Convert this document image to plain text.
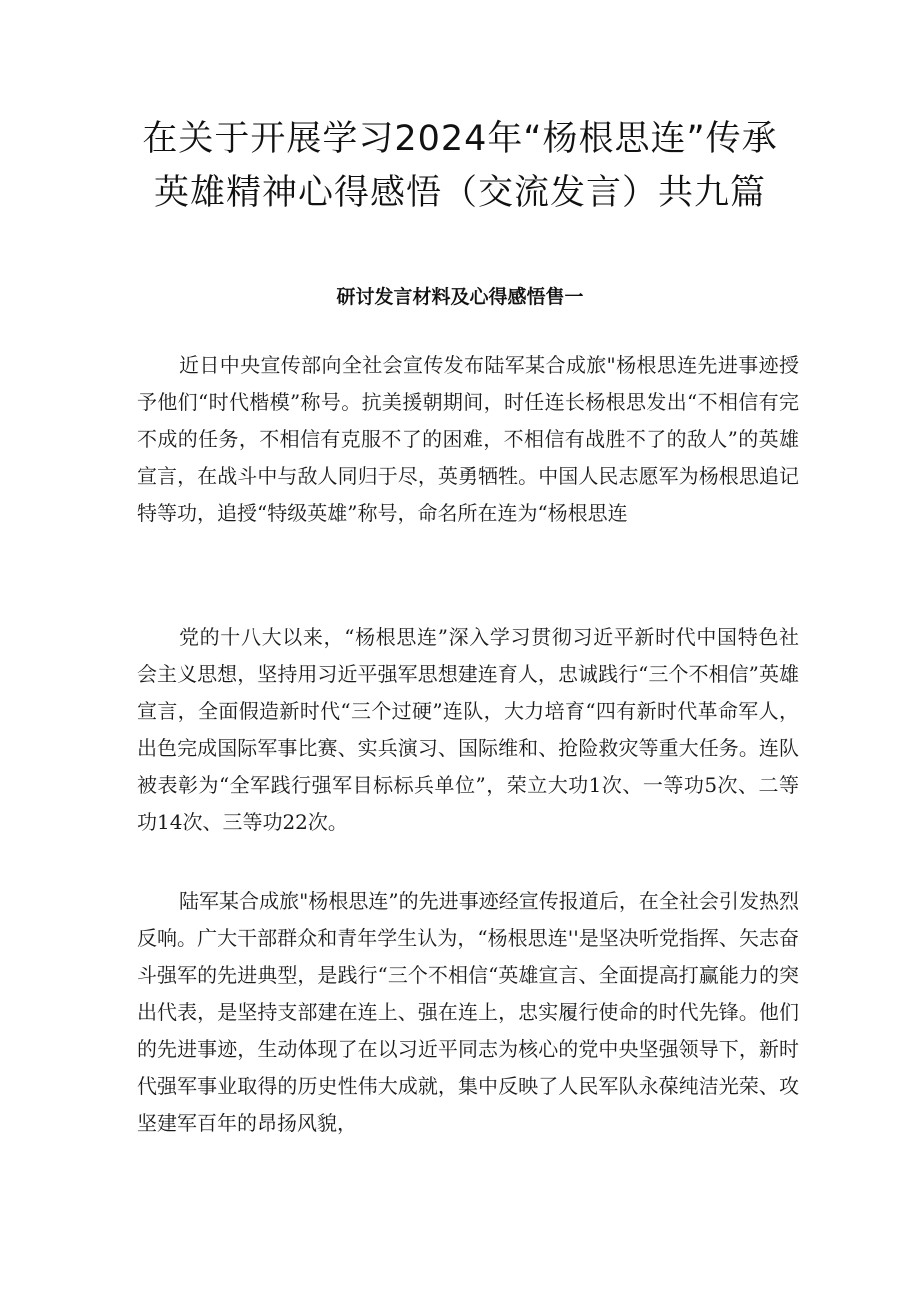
在关于开展学习2024年“杨根思连”传承
英雄精神心得感悟（交流发言）共九篇
研讨发言材料及心得感悟售一

近日中央宣传部向全社会宣传发布陆军某合成旅"杨根思连先进事迹授予他们“时代楷模”称号。抗美援朝期间，时任连长杨根思发出“不相信有完不成的任务，不相信有克服不了的困难，不相信有战胜不了的敌人”的英雄宣言，在战斗中与敌人同归于尽，英勇牺牲。中国人民志愿军为杨根思追记特等功，追授“特级英雄”称号，命名所在连为“杨根思连

党的十八大以来，“杨根思连”深入学习贯彻习近平新时代中国特色社会主义思想，坚持用习近平强军思想建连育人，忠诚践行“三个不相信”英雄宣言，全面假造新时代“三个过硬”连队，大力培育“四有新时代革命军人，出色完成国际军事比赛、实兵演习、国际维和、抢险救灾等重大任务。连队被表彰为“全军践行强军目标标兵单位”，荣立大功1次、一等功5次、二等功14次、三等功22次。

陆军某合成旅"杨根思连”的先进事迹经宣传报道后，在全社会引发热烈反响。广大干部群众和青年学生认为，“杨根思连''是坚决听党指挥、矢志奋斗强军的先进典型，是践行“三个不相信“英雄宣言、全面提高打赢能力的突出代表，是坚持支部建在连上、强在连上，忠实履行使命的时代先锋。他们的先进事迹，生动体现了在以习近平同志为核心的党中央坚强领导下，新时代强军事业取得的历史性伟大成就，集中反映了人民军队永葆纯洁光荣、攻坚建军百年的昂扬风貌，
